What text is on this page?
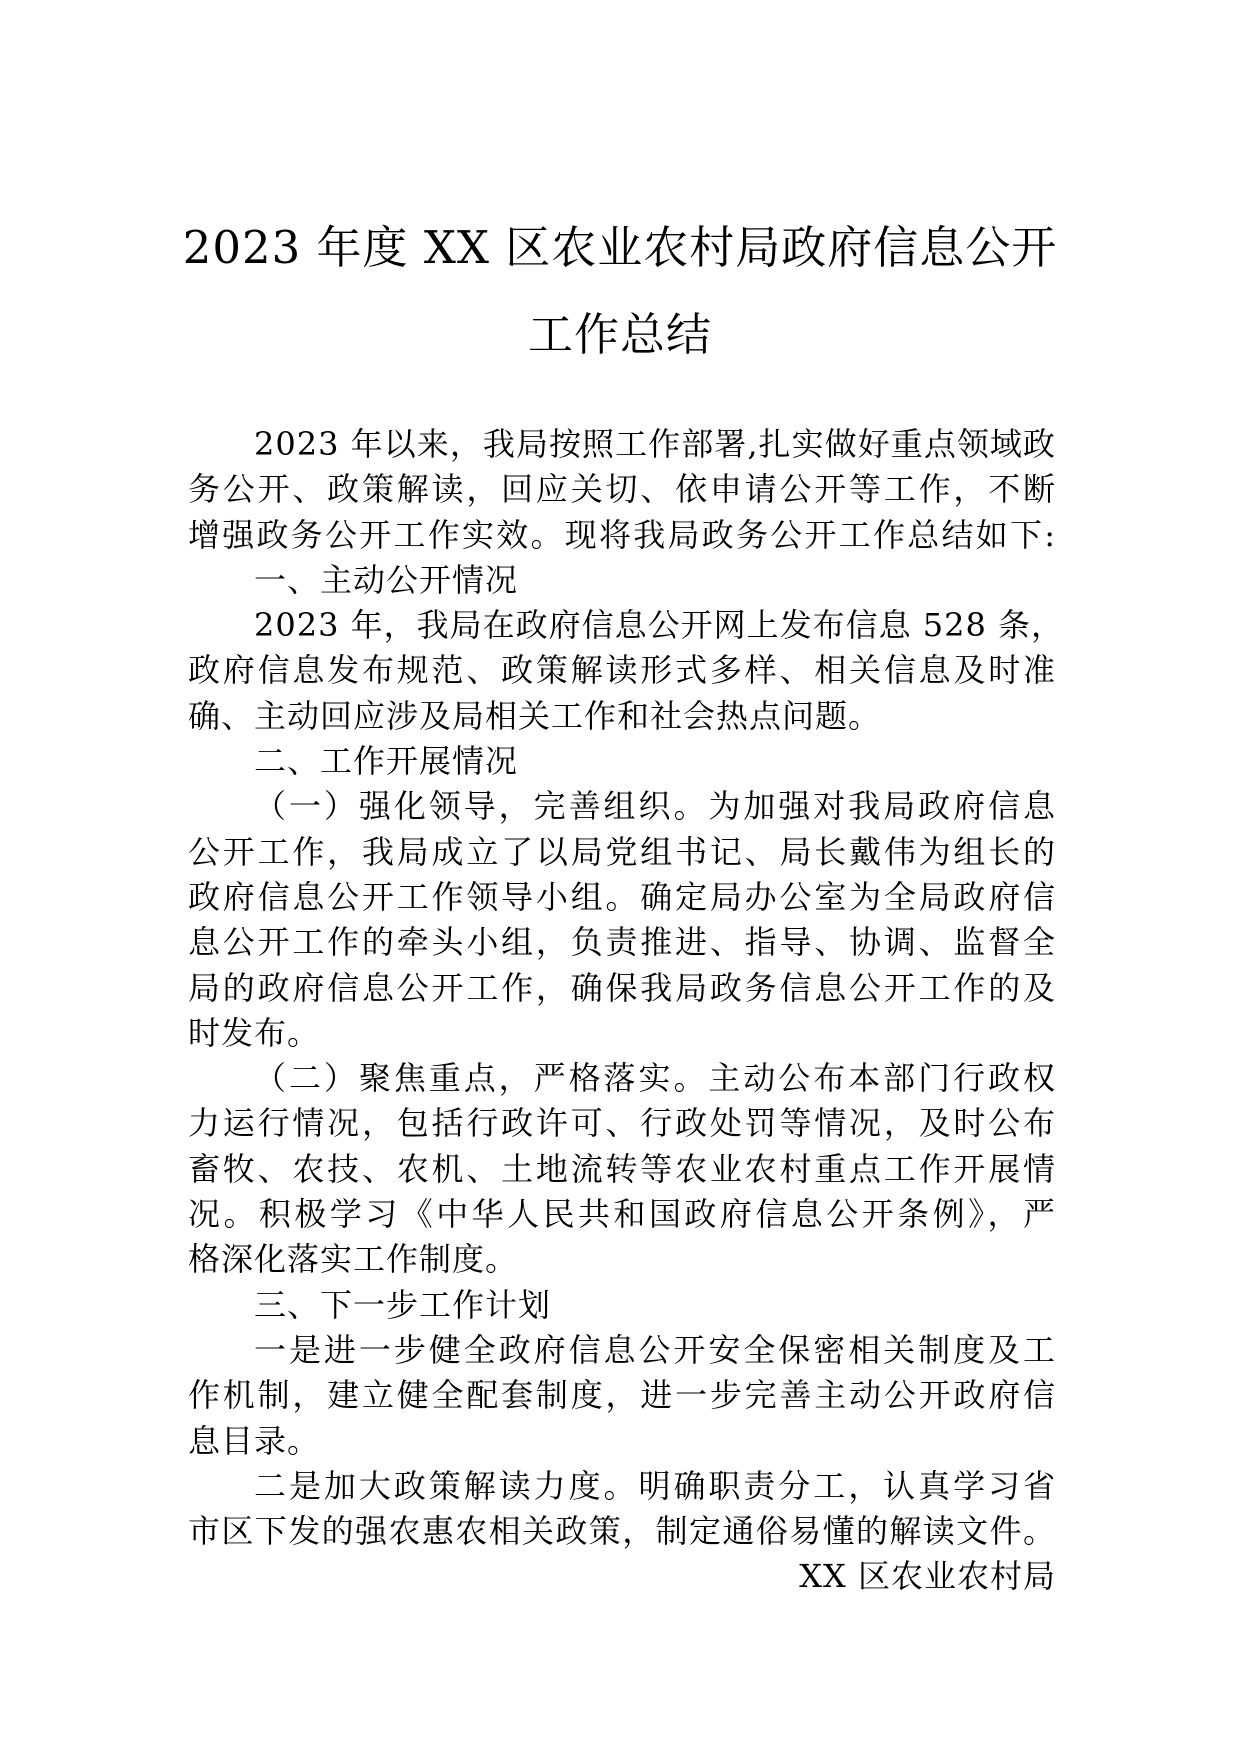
2023 年度 XX 区农业农村局政府信息公开
工作总结
2023 年以来，我局按照工作部署,扎实做好重点领域政
务公开、政策解读，回应关切、依申请公开等工作，不断
增强政务公开工作实效。现将我局政务公开工作总结如下:
一、主动公开情况
2023 年，我局在政府信息公开网上发布信息 528 条，
政府信息发布规范、政策解读形式多样、相关信息及时准
确、主动回应涉及局相关工作和社会热点问题。
二、工作开展情况
（一）强化领导，完善组织。为加强对我局政府信息
公开工作，我局成立了以局党组书记、局长戴伟为组长的
政府信息公开工作领导小组。确定局办公室为全局政府信
息公开工作的牵头小组，负责推进、指导、协调、监督全
局的政府信息公开工作，确保我局政务信息公开工作的及
时发布。
（二）聚焦重点，严格落实。主动公布本部门行政权
力运行情况，包括行政许可、行政处罚等情况，及时公布
畜牧、农技、农机、土地流转等农业农村重点工作开展情
况。积极学习《中华人民共和国政府信息公开条例》，严
格深化落实工作制度。
三、下一步工作计划
一是进一步健全政府信息公开安全保密相关制度及工
作机制，建立健全配套制度，进一步完善主动公开政府信
息目录。
二是加大政策解读力度。明确职责分工，认真学习省
市区下发的强农惠农相关政策，制定通俗易懂的解读文件。
XX 区农业农村局
